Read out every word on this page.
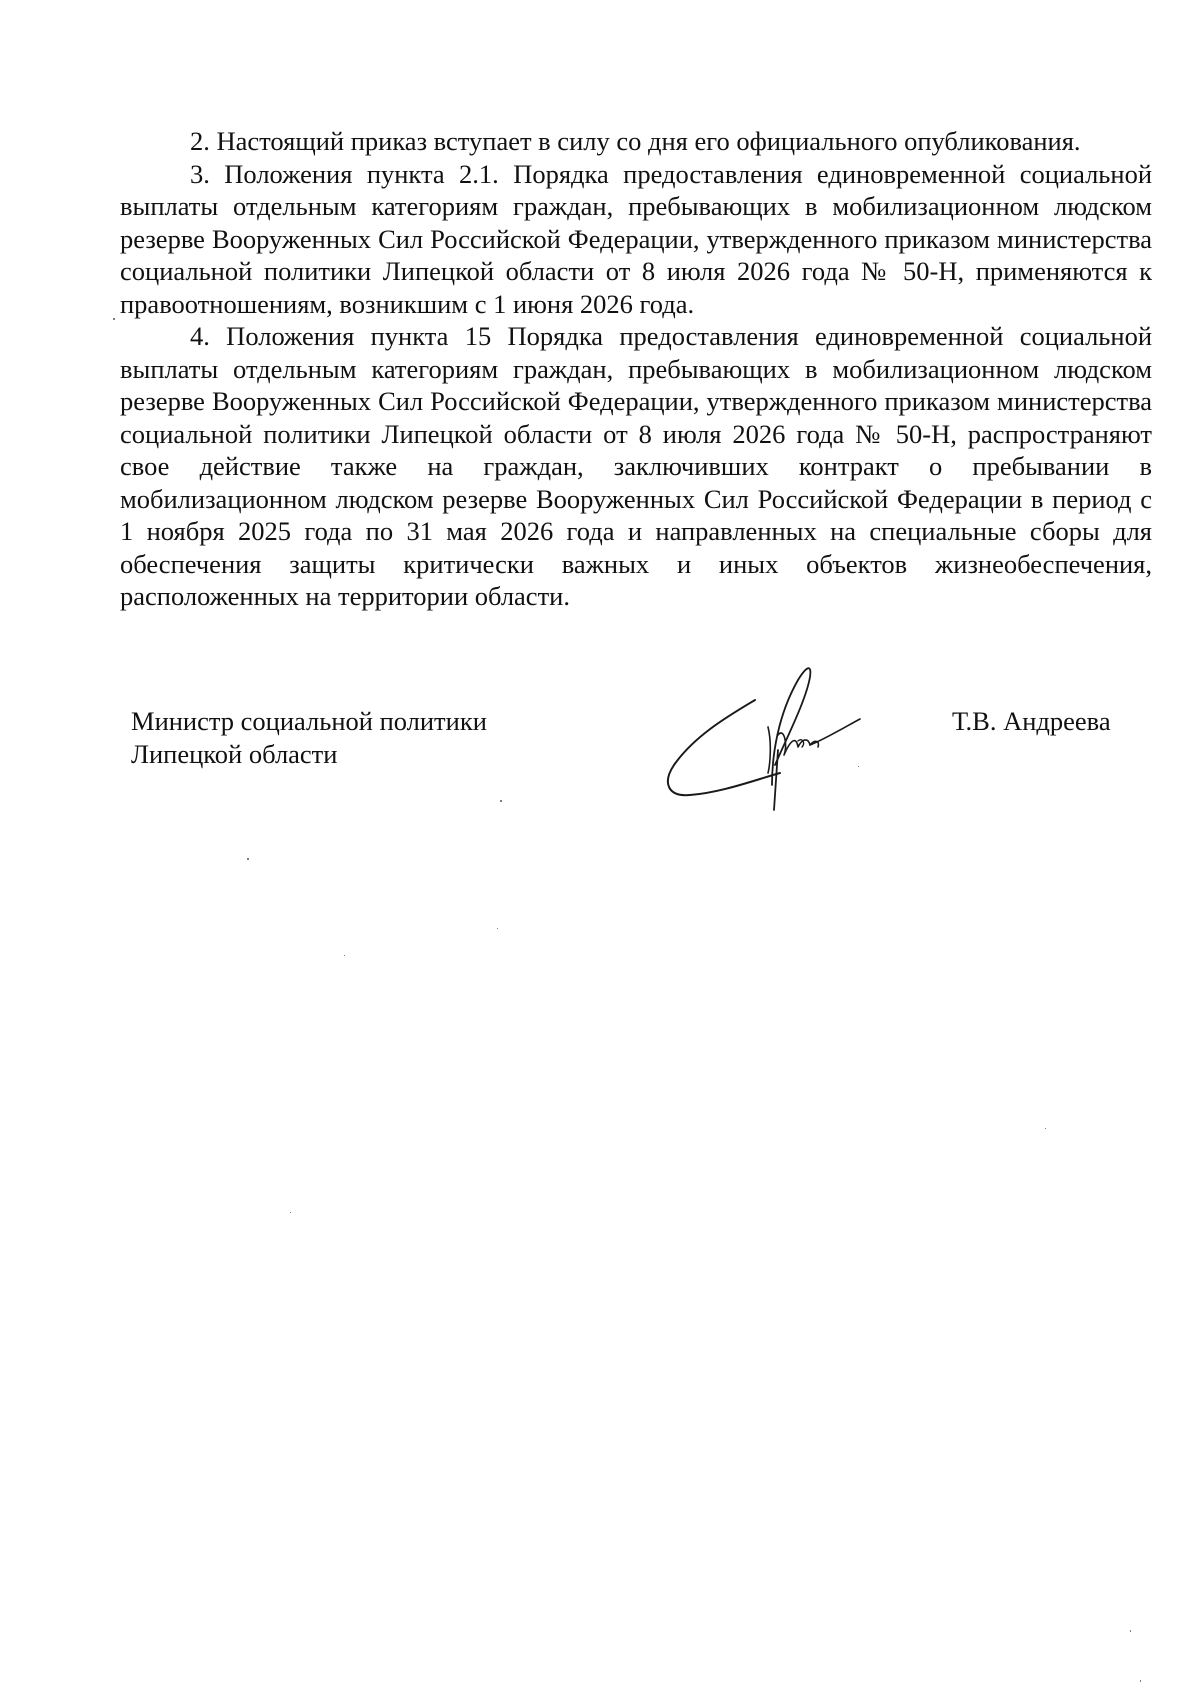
2. Настоящий приказ вступает в силу со дня его официального опубликования.

3. Положения пункта 2.1. Порядка предоставления единовременной социальной выплаты отдельным категориям граждан, пребывающих в мобилизационном людском резерве Вооруженных Сил Российской Федерации, утвержденного приказом министерства социальной политики Липецкой области от 8 июля 2026 года № 50-Н, применяются к правоотношениям, возникшим с 1 июня 2026 года.

4. Положения пункта 15 Порядка предоставления единовременной социальной выплаты отдельным категориям граждан, пребывающих в мобилизационном людском резерве Вооруженных Сил Российской Федерации, утвержденного приказом министерства социальной политики Липецкой области от 8 июля 2026 года № 50-Н, распространяют свое действие также на граждан, заключивших контракт о пребывании в мобилизационном людском резерве Вооруженных Сил Российской Федерации в период с 1 ноября 2025 года по 31 мая 2026 года и направленных на специальные сборы для обеспечения защиты критически важных и иных объектов жизнеобеспечения, расположенных на территории области.

Министр социальной политики
Липецкой области
Т.В. Андреева
